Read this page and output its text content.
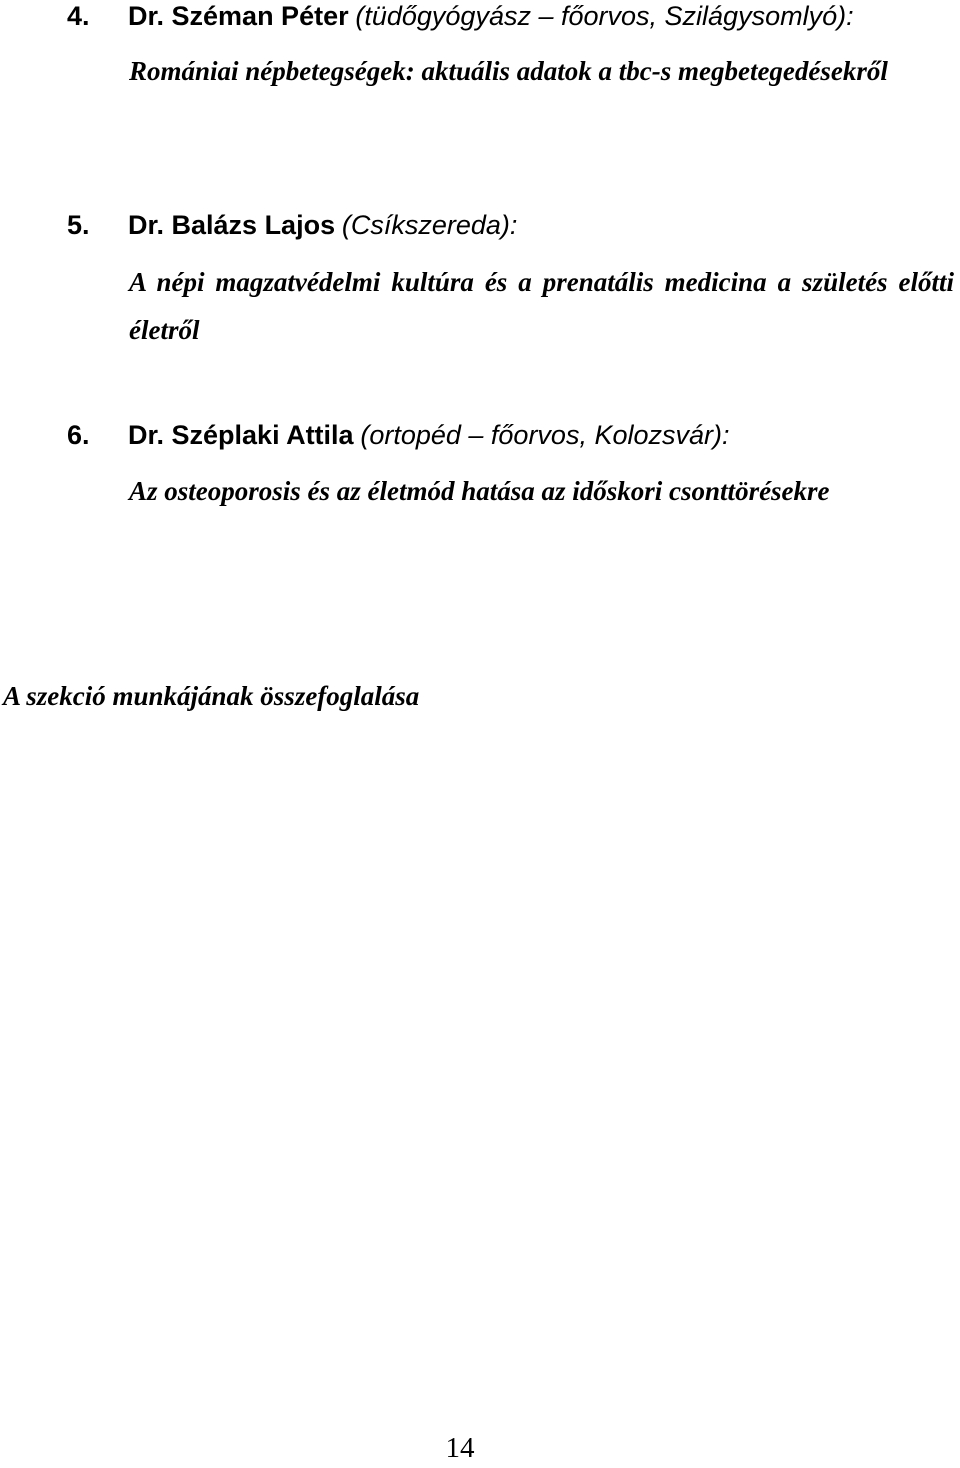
4. Dr. Széman Péter (tüdőgyógyász – főorvos, Szilágysomlyó):
Romániai népbetegségek: aktuális adatok a tbc-s megbetegedésekről
5. Dr. Balázs Lajos (Csíkszereda):
A népi magzatvédelmi kultúra és a prenatális medicina a születés előtti életről
6. Dr. Széplaki Attila (ortopéd – főorvos, Kolozsvár):
Az osteoporosis és az életmód hatása az időskori csonttörésekre
A szekció munkájának összefoglalása
14
